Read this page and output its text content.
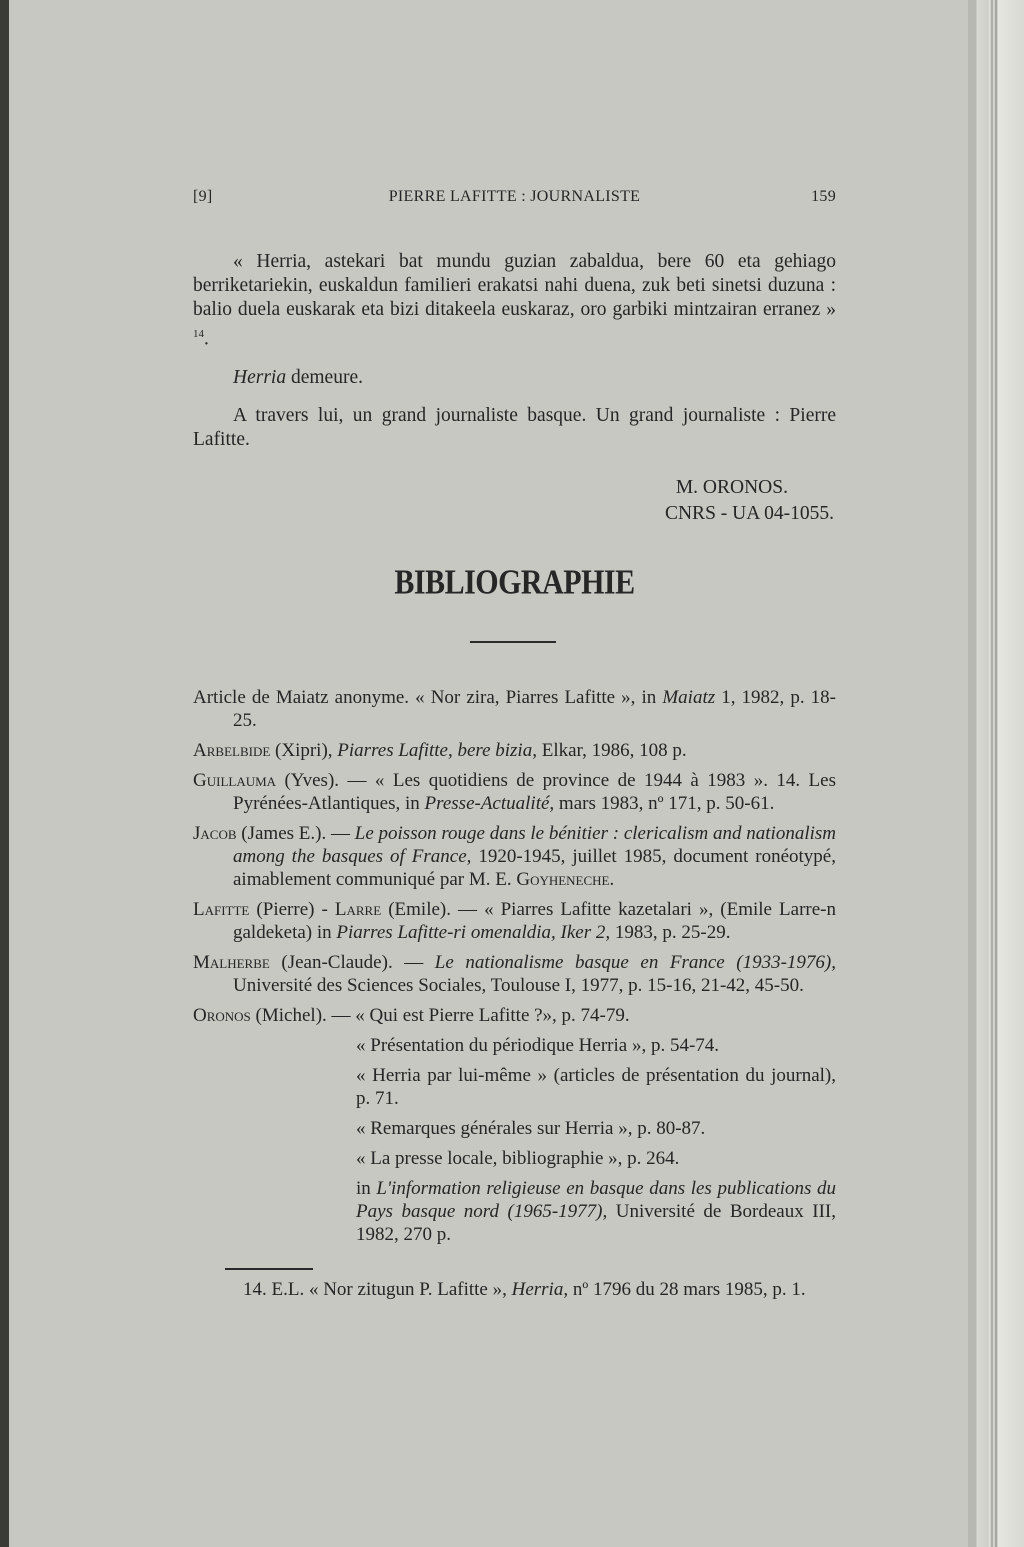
[9]	PIERRE LAFITTE : JOURNALISTE	159

« Herria, astekari bat mundu guzian zabaldua, bere 60 eta gehiago berriketariekin, euskaldun familieri erakatsi nahi duena, zuk beti sinetsi duzuna : balio duela euskarak eta bizi ditakeela euskaraz, oro garbiki mintzairan erranez » $^{14}$.

Herria demeure.

A travers lui, un grand journaliste basque. Un grand journaliste : Pierre Lafitte.

M. ORONOS.
CNRS - UA 04-1055.
BIBLIOGRAPHIE

Article de Maiatz anonyme. « Nor zira, Piarres Lafitte », in Maiatz 1, 1982, p. 18-25.

Arbelbide (Xipri), Piarres Lafitte, bere bizia, Elkar, 1986, 108 p.

Guillauma (Yves). — « Les quotidiens de province de 1944 à 1983 ». 14. Les Pyrénées-Atlantiques, in Presse-Actualité, mars 1983, nº 171, p. 50-61.

Jacob (James E.). — Le poisson rouge dans le bénitier : clericalism and nationalism among the basques of France, 1920-1945, juillet 1985, document ronéotypé, aimablement communiqué par M. E. Goyheneche.

Lafitte (Pierre) - Larre (Emile). — « Piarres Lafitte kazetalari », (Emile Larre-n galdeketa) in Piarres Lafitte-ri omenaldia, Iker 2, 1983, p. 25-29.

Malherbe (Jean-Claude). — Le nationalisme basque en France (1933-1976), Université des Sciences Sociales, Toulouse I, 1977, p. 15-16, 21-42, 45-50.

Oronos (Michel). — « Qui est Pierre Lafitte ?», p. 74-79.

« Présentation du périodique Herria », p. 54-74.

« Herria par lui-même » (articles de présentation du journal), p. 71.

« Remarques générales sur Herria », p. 80-87.

« La presse locale, bibliographie », p. 264.

in L'information religieuse en basque dans les publications du Pays basque nord (1965-1977), Université de Bordeaux III, 1982, 270 p.

14. E.L. « Nor zitugun P. Lafitte », Herria, nº 1796 du 28 mars 1985, p. 1.
